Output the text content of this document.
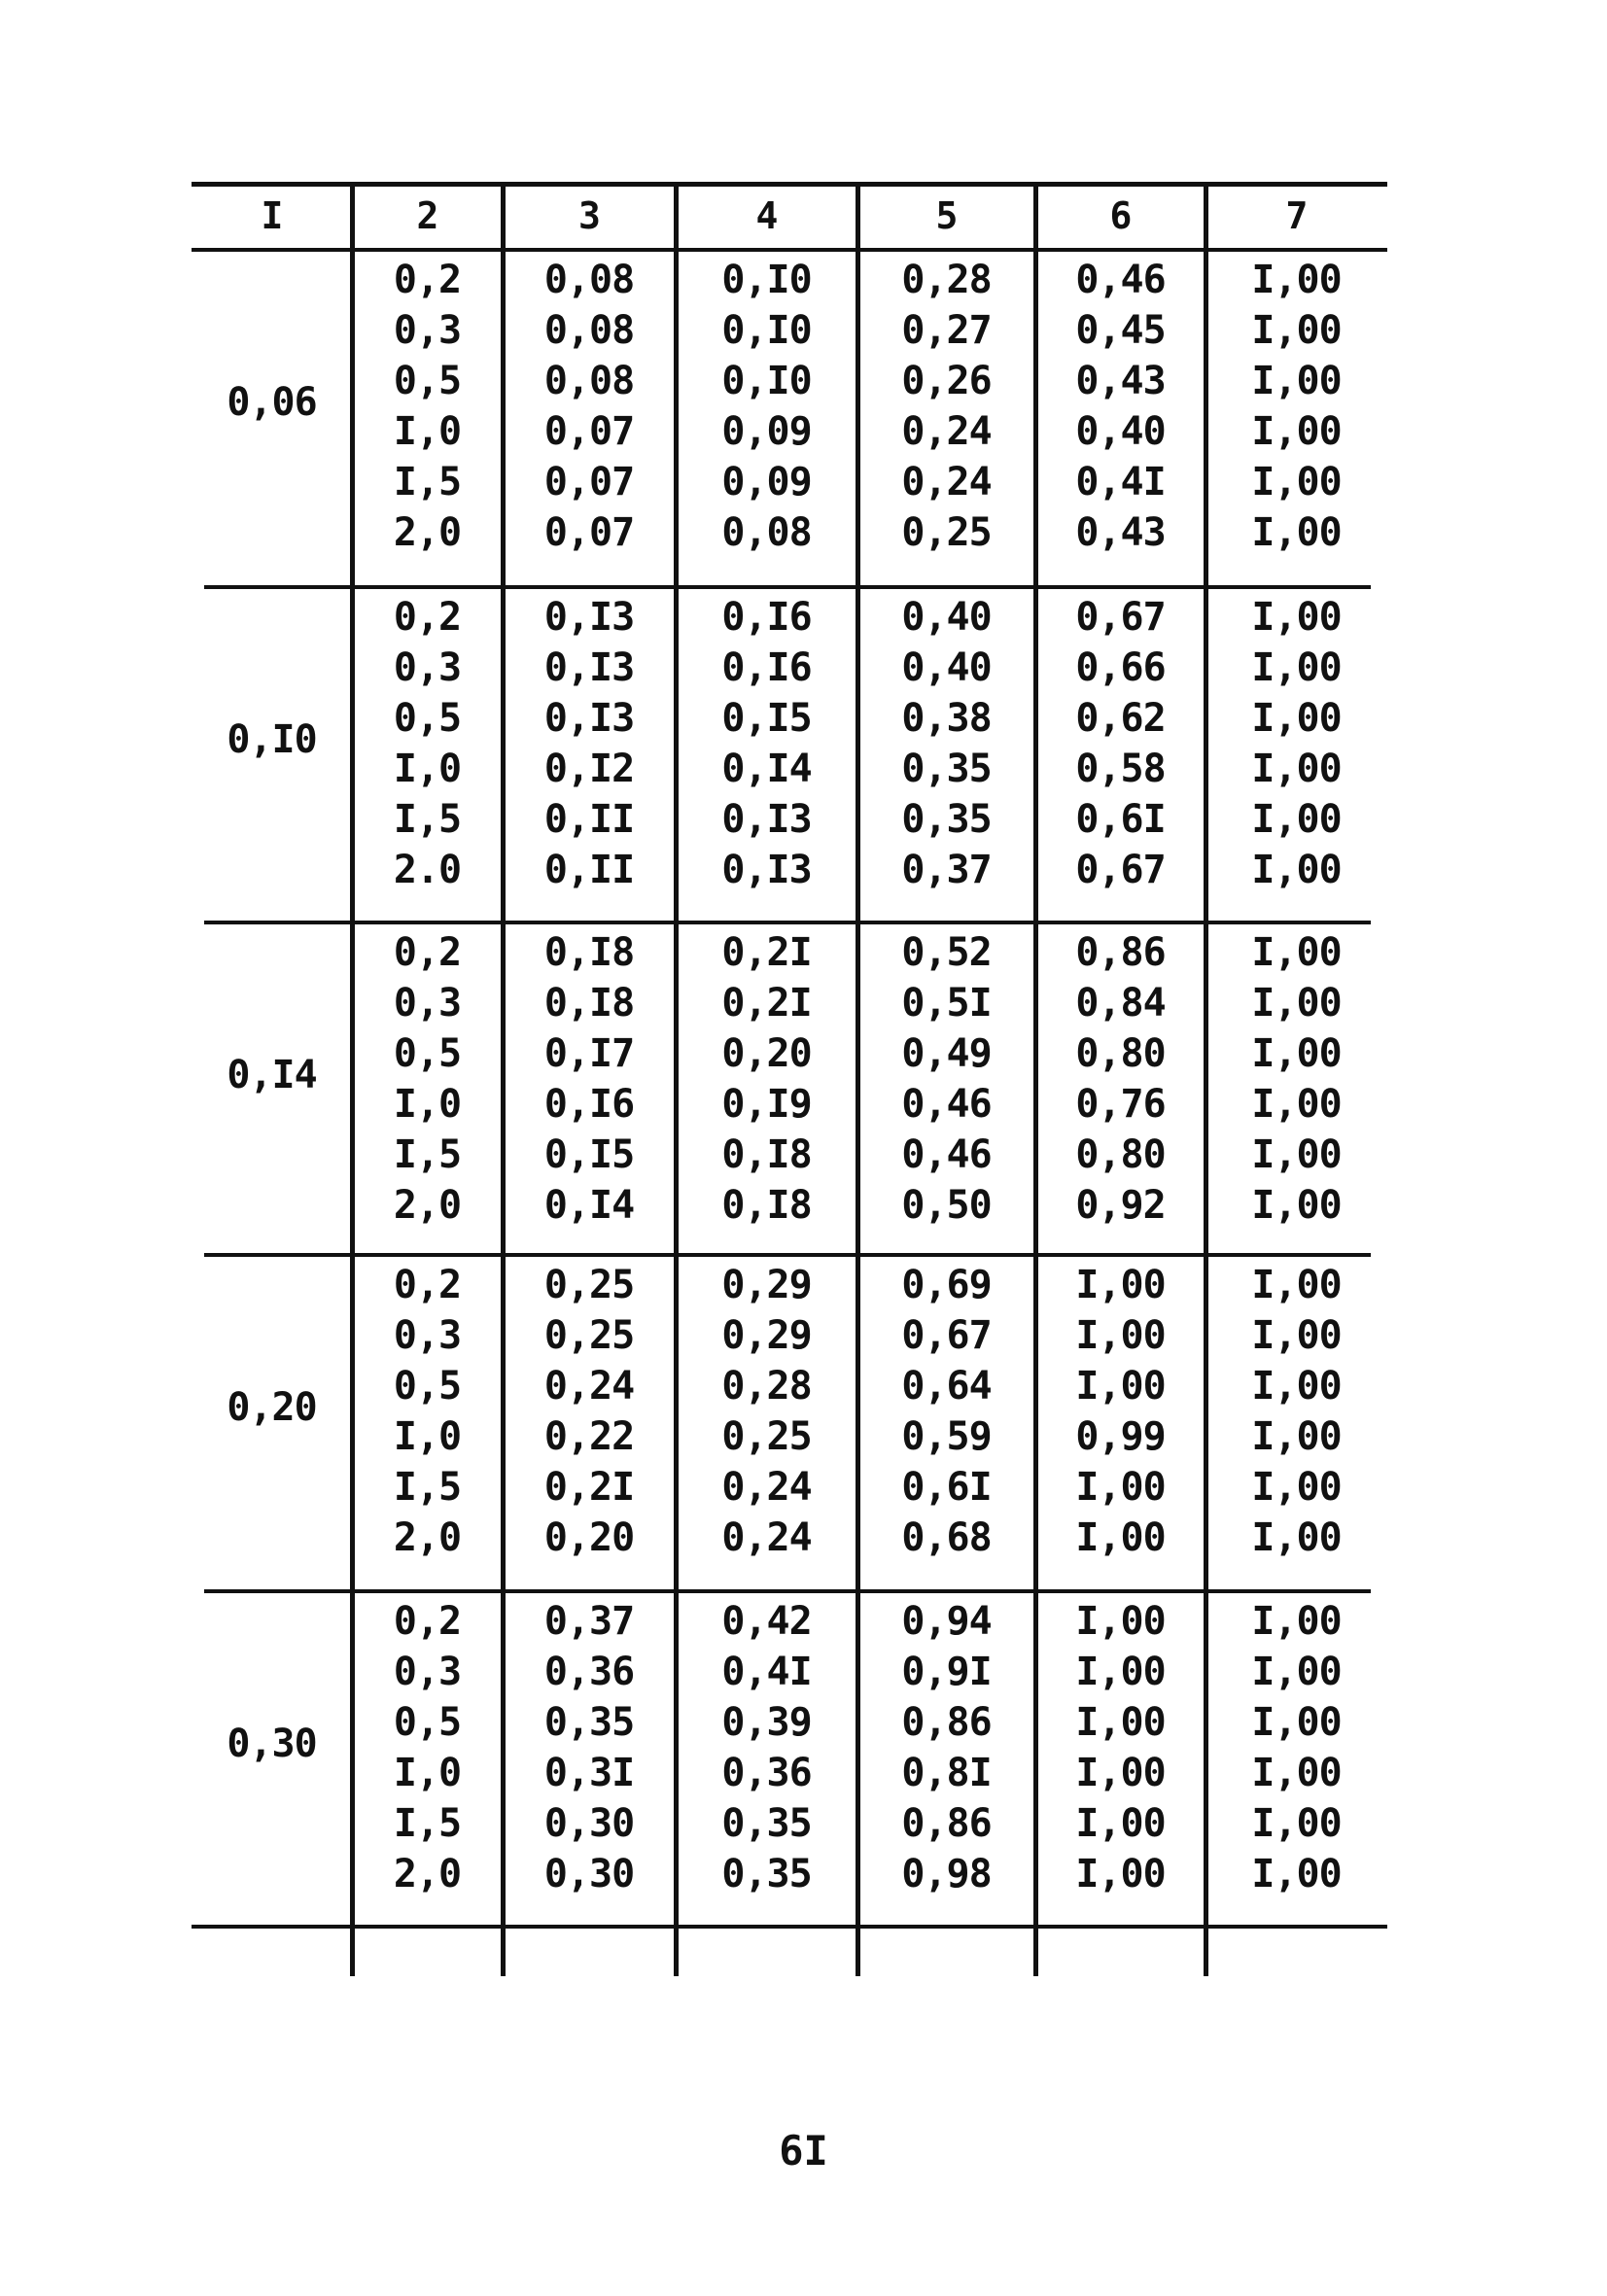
I	2	3	4	5	6	7
0,06
0,2	0,08	0,I0	0,28	0,46	I,00
0,3	0,08	0,I0	0,27	0,45	I,00
0,5	0,08	0,I0	0,26	0,43	I,00
I,0	0,07	0,09	0,24	0,40	I,00
I,5	0,07	0,09	0,24	0,4I	I,00
2,0	0,07	0,08	0,25	0,43	I,00
0,I0
0,2	0,I3	0,I6	0,40	0,67	I,00
0,3	0,I3	0,I6	0,40	0,66	I,00
0,5	0,I3	0,I5	0,38	0,62	I,00
I,0	0,I2	0,I4	0,35	0,58	I,00
I,5	0,II	0,I3	0,35	0,6I	I,00
2.0	0,II	0,I3	0,37	0,67	I,00
0,I4
0,2	0,I8	0,2I	0,52	0,86	I,00
0,3	0,I8	0,2I	0,5I	0,84	I,00
0,5	0,I7	0,20	0,49	0,80	I,00
I,0	0,I6	0,I9	0,46	0,76	I,00
I,5	0,I5	0,I8	0,46	0,80	I,00
2,0	0,I4	0,I8	0,50	0,92	I,00
0,20
0,2	0,25	0,29	0,69	I,00	I,00
0,3	0,25	0,29	0,67	I,00	I,00
0,5	0,24	0,28	0,64	I,00	I,00
I,0	0,22	0,25	0,59	0,99	I,00
I,5	0,2I	0,24	0,6I	I,00	I,00
2,0	0,20	0,24	0,68	I,00	I,00
0,30
0,2	0,37	0,42	0,94	I,00	I,00
0,3	0,36	0,4I	0,9I	I,00	I,00
0,5	0,35	0,39	0,86	I,00	I,00
I,0	0,3I	0,36	0,8I	I,00	I,00
I,5	0,30	0,35	0,86	I,00	I,00
2,0	0,30	0,35	0,98	I,00	I,00
6I
